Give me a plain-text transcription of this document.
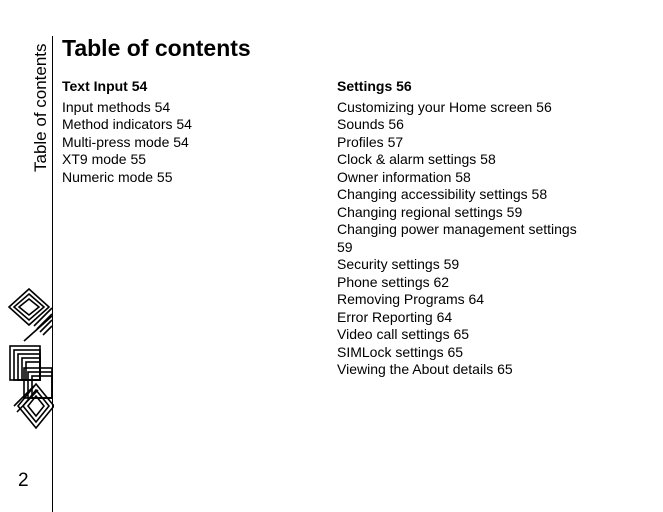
Table of contents
2
Table of contents
Text Input 54
Input methods 54
Method indicators 54
Multi-press mode 54
XT9 mode 55
Numeric mode 55
Settings 56
Customizing your Home screen 56
Sounds 56
Profiles 57
Clock & alarm settings 58
Owner information 58
Changing accessibility settings 58
Changing regional settings 59
Changing power management settings
59
Security settings 59
Phone settings 62
Removing Programs 64
Error Reporting 64
Video call settings 65
SIMLock settings 65
Viewing the About details 65
